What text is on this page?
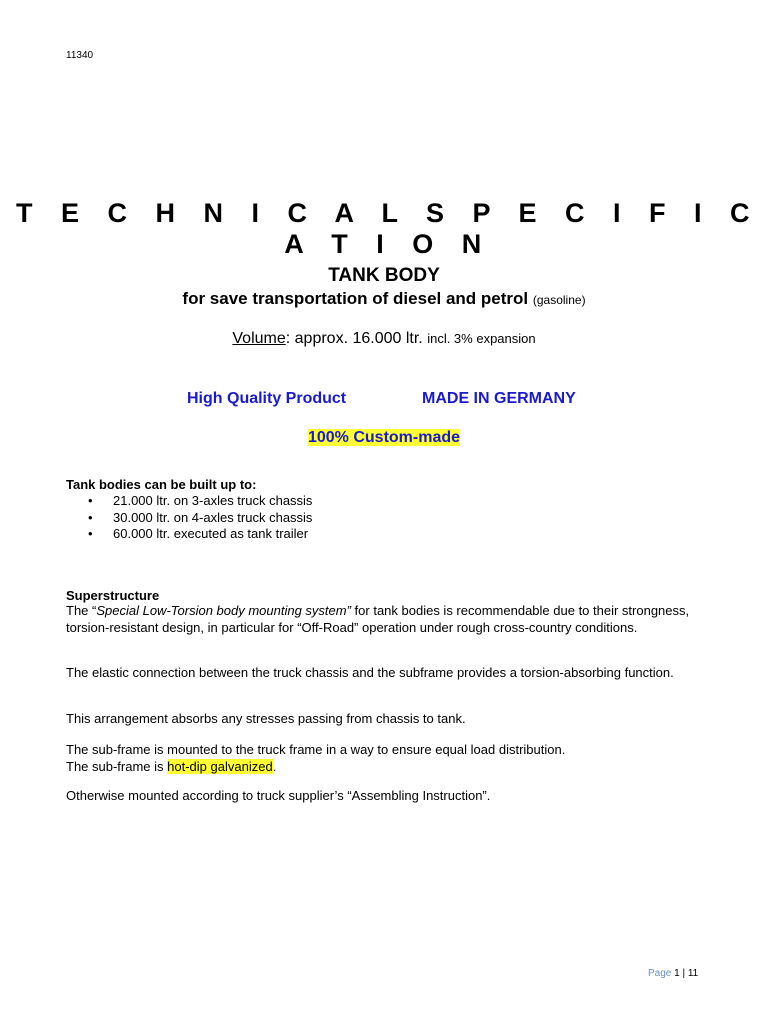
11340
T E C H N I C A L S P E C I F I C A T I O N
TANK BODY
for save transportation of diesel and petrol (gasoline)
Volume: approx. 16.000 ltr. incl. 3% expansion
High Quality Product	MADE IN GERMANY
100% Custom-made
Tank bodies can be built up to:
• 21.000 ltr. on 3-axles truck chassis
• 30.000 ltr. on 4-axles truck chassis
• 60.000 ltr. executed as tank trailer
Superstructure
The “Special Low-Torsion body mounting system” for tank bodies is recommendable due to their strongness, torsion-resistant design, in particular for “Off-Road” operation under rough cross-country conditions.
The elastic connection between the truck chassis and the subframe provides a torsion-absorbing function.
This arrangement absorbs any stresses passing from chassis to tank.
The sub-frame is mounted to the truck frame in a way to ensure equal load distribution.
The sub-frame is hot-dip galvanized.
Otherwise mounted according to truck supplier’s “Assembling Instruction”.
Page 1 | 11
